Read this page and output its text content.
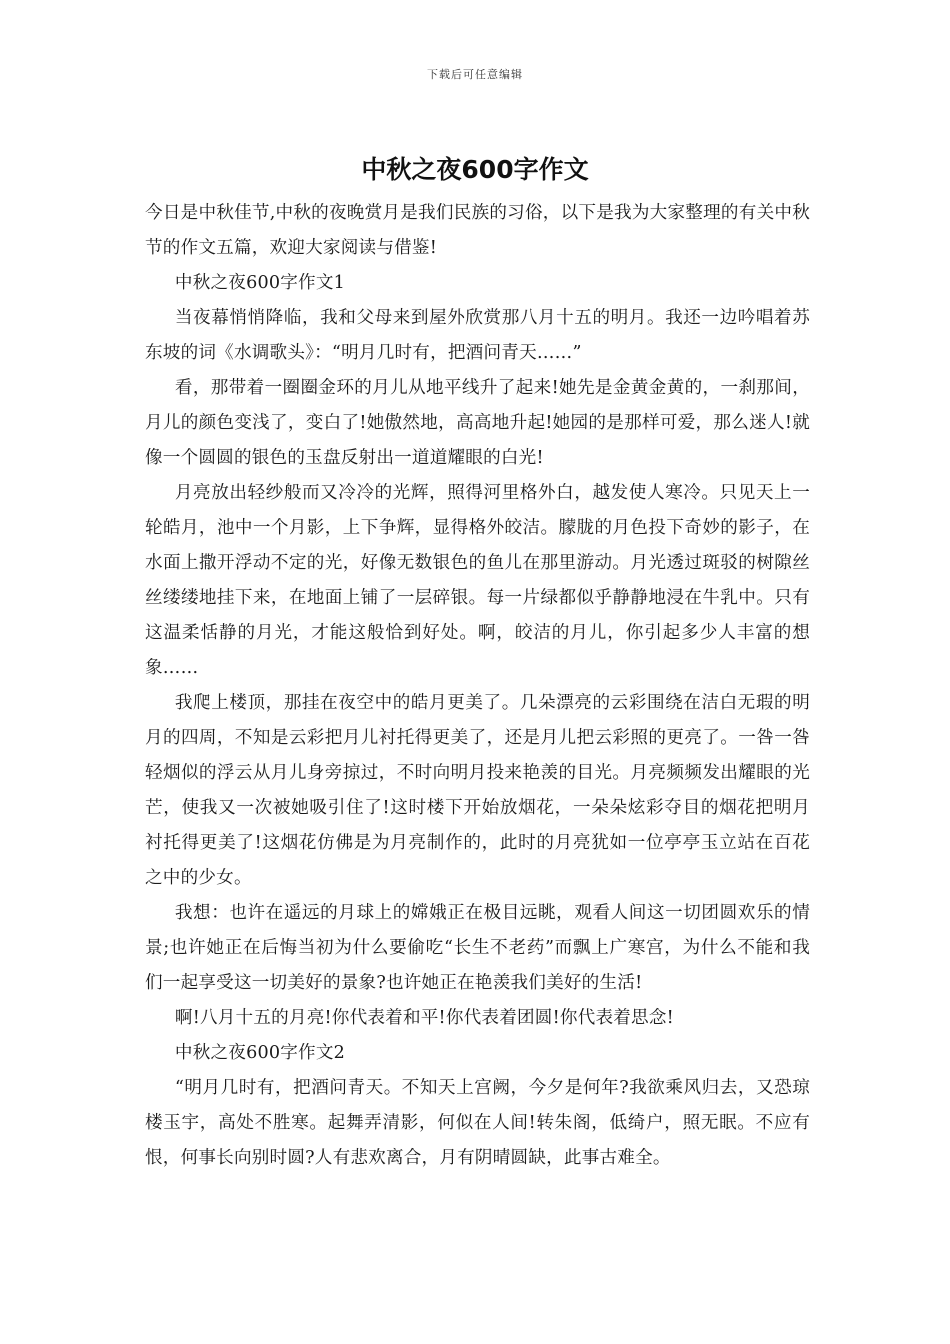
下载后可任意编辑
中秋之夜600字作文

今日是中秋佳节,中秋的夜晚赏月是我们民族的习俗，以下是我为大家整理的有关中秋节的作文五篇，欢迎大家阅读与借鉴!

中秋之夜600字作文1

当夜幕悄悄降临，我和父母来到屋外欣赏那八月十五的明月。我还一边吟唱着苏东坡的词《水调歌头》：“明月几时有，把酒问青天……”

看，那带着一圈圈金环的月儿从地平线升了起来!她先是金黄金黄的，一刹那间，月儿的颜色变浅了，变白了!她傲然地，高高地升起!她园的是那样可爱，那么迷人!就像一个圆圆的银色的玉盘反射出一道道耀眼的白光!

月亮放出轻纱般而又冷冷的光辉，照得河里格外白，越发使人寒冷。只见天上一轮皓月，池中一个月影，上下争辉，显得格外皎洁。朦胧的月色投下奇妙的影子，在水面上撒开浮动不定的光，好像无数银色的鱼儿在那里游动。月光透过斑驳的树隙丝丝缕缕地挂下来，在地面上铺了一层碎银。每一片绿都似乎静静地浸在牛乳中。只有这温柔恬静的月光，才能这般恰到好处。啊，皎洁的月儿，你引起多少人丰富的想象……

我爬上楼顶，那挂在夜空中的皓月更美了。几朵漂亮的云彩围绕在洁白无瑕的明月的四周，不知是云彩把月儿衬托得更美了，还是月儿把云彩照的更亮了。一咎一咎轻烟似的浮云从月儿身旁掠过，不时向明月投来艳羡的目光。月亮频频发出耀眼的光芒，使我又一次被她吸引住了!这时楼下开始放烟花，一朵朵炫彩夺目的烟花把明月衬托得更美了!这烟花仿佛是为月亮制作的，此时的月亮犹如一位亭亭玉立站在百花之中的少女。

我想：也许在遥远的月球上的嫦娥正在极目远眺，观看人间这一切团圆欢乐的情景;也许她正在后悔当初为什么要偷吃“长生不老药”而飘上广寒宫，为什么不能和我们一起享受这一切美好的景象?也许她正在艳羡我们美好的生活!

啊!八月十五的月亮!你代表着和平!你代表着团圆!你代表着思念!

中秋之夜600字作文2

“明月几时有，把酒问青天。不知天上宫阙，今夕是何年?我欲乘风归去，又恐琼楼玉宇，高处不胜寒。起舞弄清影，何似在人间!转朱阁，低绮户，照无眠。不应有恨，何事长向别时圆?人有悲欢离合，月有阴晴圆缺，此事古难全。
